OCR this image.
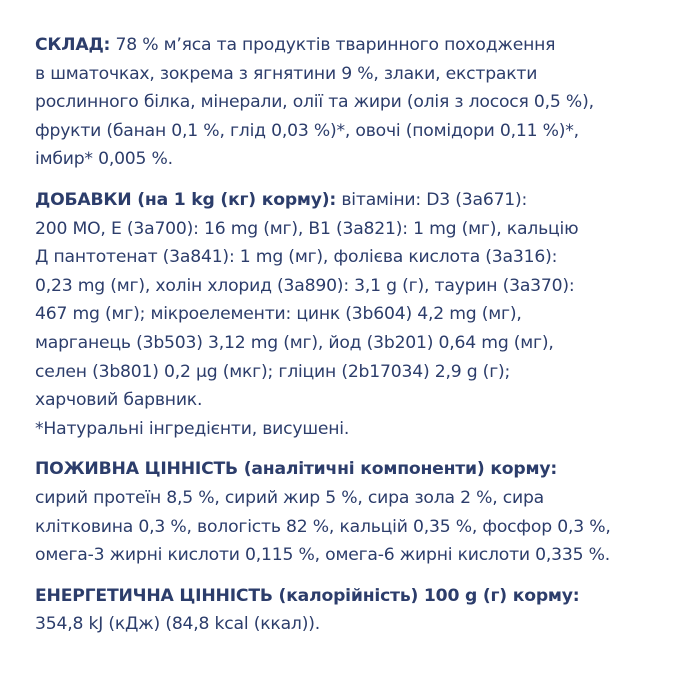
СКЛАД: 78 % м’яса та продуктів тваринного походження
в шматочках, зокрема з ягнятини 9 %, злаки, екстракти
рослинного білка, мінерали, олії та жири (олія з лосося 0,5 %),
фрукти (банан 0,1 %, глід 0,03 %)*, овочі (помідори 0,11 %)*,
імбир* 0,005 %.
ДОБАВКИ (на 1 kg (кг) корму): вітаміни: D3 (3a671):
200 МО, Е (3a700): 16 mg (мг), В1 (3a821): 1 mg (мг), кальцію
Д пантотенат (3a841): 1 mg (мг), фолієва кислота (3a316):
0,23 mg (мг), холін хлорид (3a890): 3,1 g (г), таурин (3a370):
467 mg (мг); мікроелементи: цинк (3b604) 4,2 mg (мг),
марганець (3b503) 3,12 mg (мг), йод (3b201) 0,64 mg (мг),
селен (3b801) 0,2 μg (мкг); гліцин (2b17034) 2,9 g (г);
харчовий барвник.
*Натуральні інгредієнти, висушені.
ПОЖИВНА ЦІННІСТЬ (аналітичні компоненти) корму:
сирий протеїн 8,5 %, сирий жир 5 %, сира зола 2 %, сира
клітковина 0,3 %, вологість 82 %, кальцій 0,35 %, фосфор 0,3 %,
омега-3 жирні кислоти 0,115 %, омега-6 жирні кислоти 0,335 %.
ЕНЕРГЕТИЧНА ЦІННІСТЬ (калорійність) 100 g (г) корму:
354,8 kJ (кДж) (84,8 kcal (ккал)).
